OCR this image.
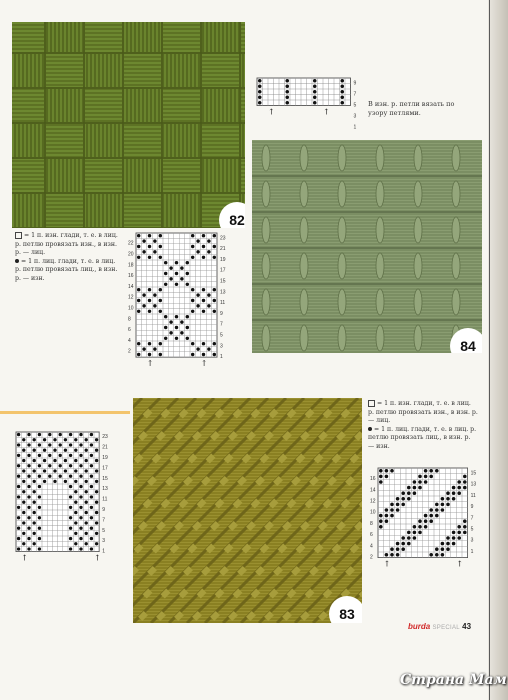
82
= 1 п. изн. глади, т. е. в лиц. р. петлю провязать изн., в изн. р. — лиц.
= 1 п. лиц. глади, т. е. в лиц. р. петлю провязать лиц., в изн. р. — изн.
23
21
19
17
15
13
11
9
7
5
3
1
22
20
18
16
14
12
10
8
6
4
2
↑	↑
9
7
5
3
1
↑	↑
В изн. р. петли вязать по узору петлями.
84
23
21
19
17
15
13
11
9
7
5
3
1
↑	↑
83
= 1 п. изн. глади, т. е. в лиц. р. петлю провязать изн., в изн. р. — лиц.
= 1 п. лиц. глади, т. е. в лиц. р. петлю провязать лиц., в изн. р. — изн.
15
13
11
9
7
5
3
1
16
14
12
10
8
6
4
2
↑	↑
burda SPECIAL 43
Страна Мам
